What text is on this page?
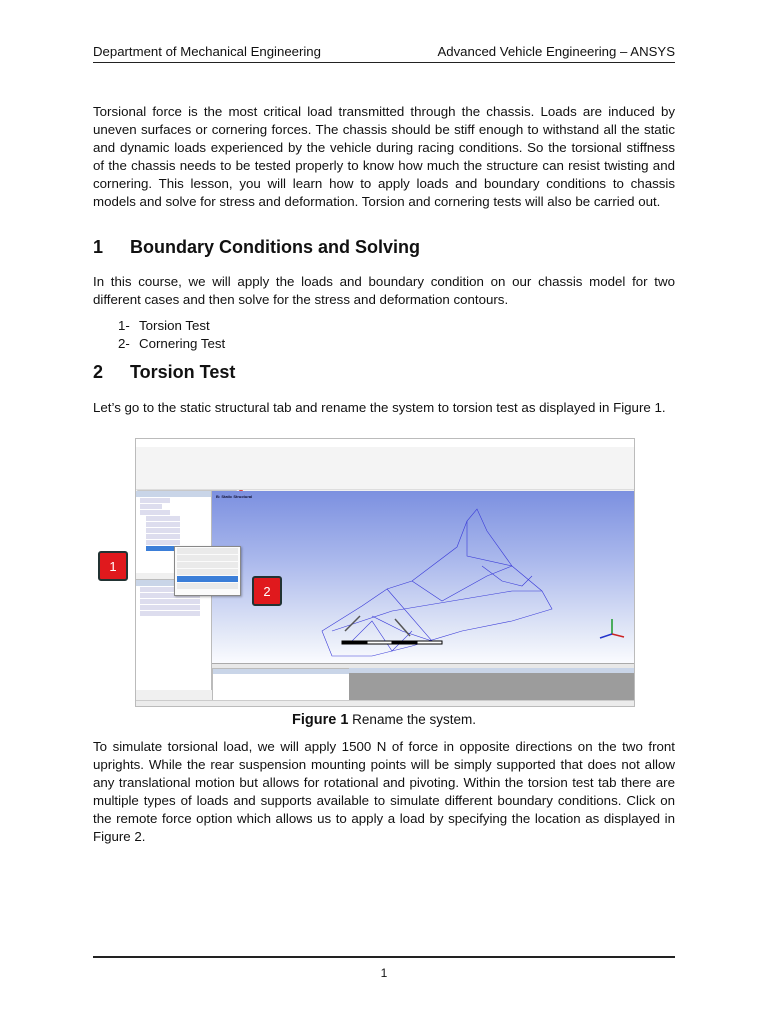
Department of Mechanical Engineering	Advanced Vehicle Engineering – ANSYS
Torsional force is the most critical load transmitted through the chassis. Loads are induced by uneven surfaces or cornering forces. The chassis should be stiff enough to withstand all the static and dynamic loads experienced by the vehicle during racing conditions. So the torsional stiffness of the chassis needs to be tested properly to know how much the structure can resist twisting and cornering. This lesson, you will learn how to apply loads and boundary conditions to chassis models and solve for stress and deformation. Torsion and cornering tests will also be carried out.
1 Boundary Conditions and Solving
In this course, we will apply the loads and boundary condition on our chassis model for two different cases and then solve for the stress and deformation contours.
1- Torsion Test
2- Cornering Test
2 Torsion Test
Let’s go to the static structural tab and rename the system to torsion test as displayed in Figure 1.
B: Static Structural
1
2
Figure 1 Rename the system.
To simulate torsional load, we will apply 1500 N of force in opposite directions on the two front uprights. While the rear suspension mounting points will be simply supported that does not allow any translational motion but allows for rotational and pivoting. Within the torsion test tab there are multiple types of loads and supports available to simulate different boundary conditions. Click on the remote force option which allows us to apply a load by specifying the location as displayed in Figure 2.
1
